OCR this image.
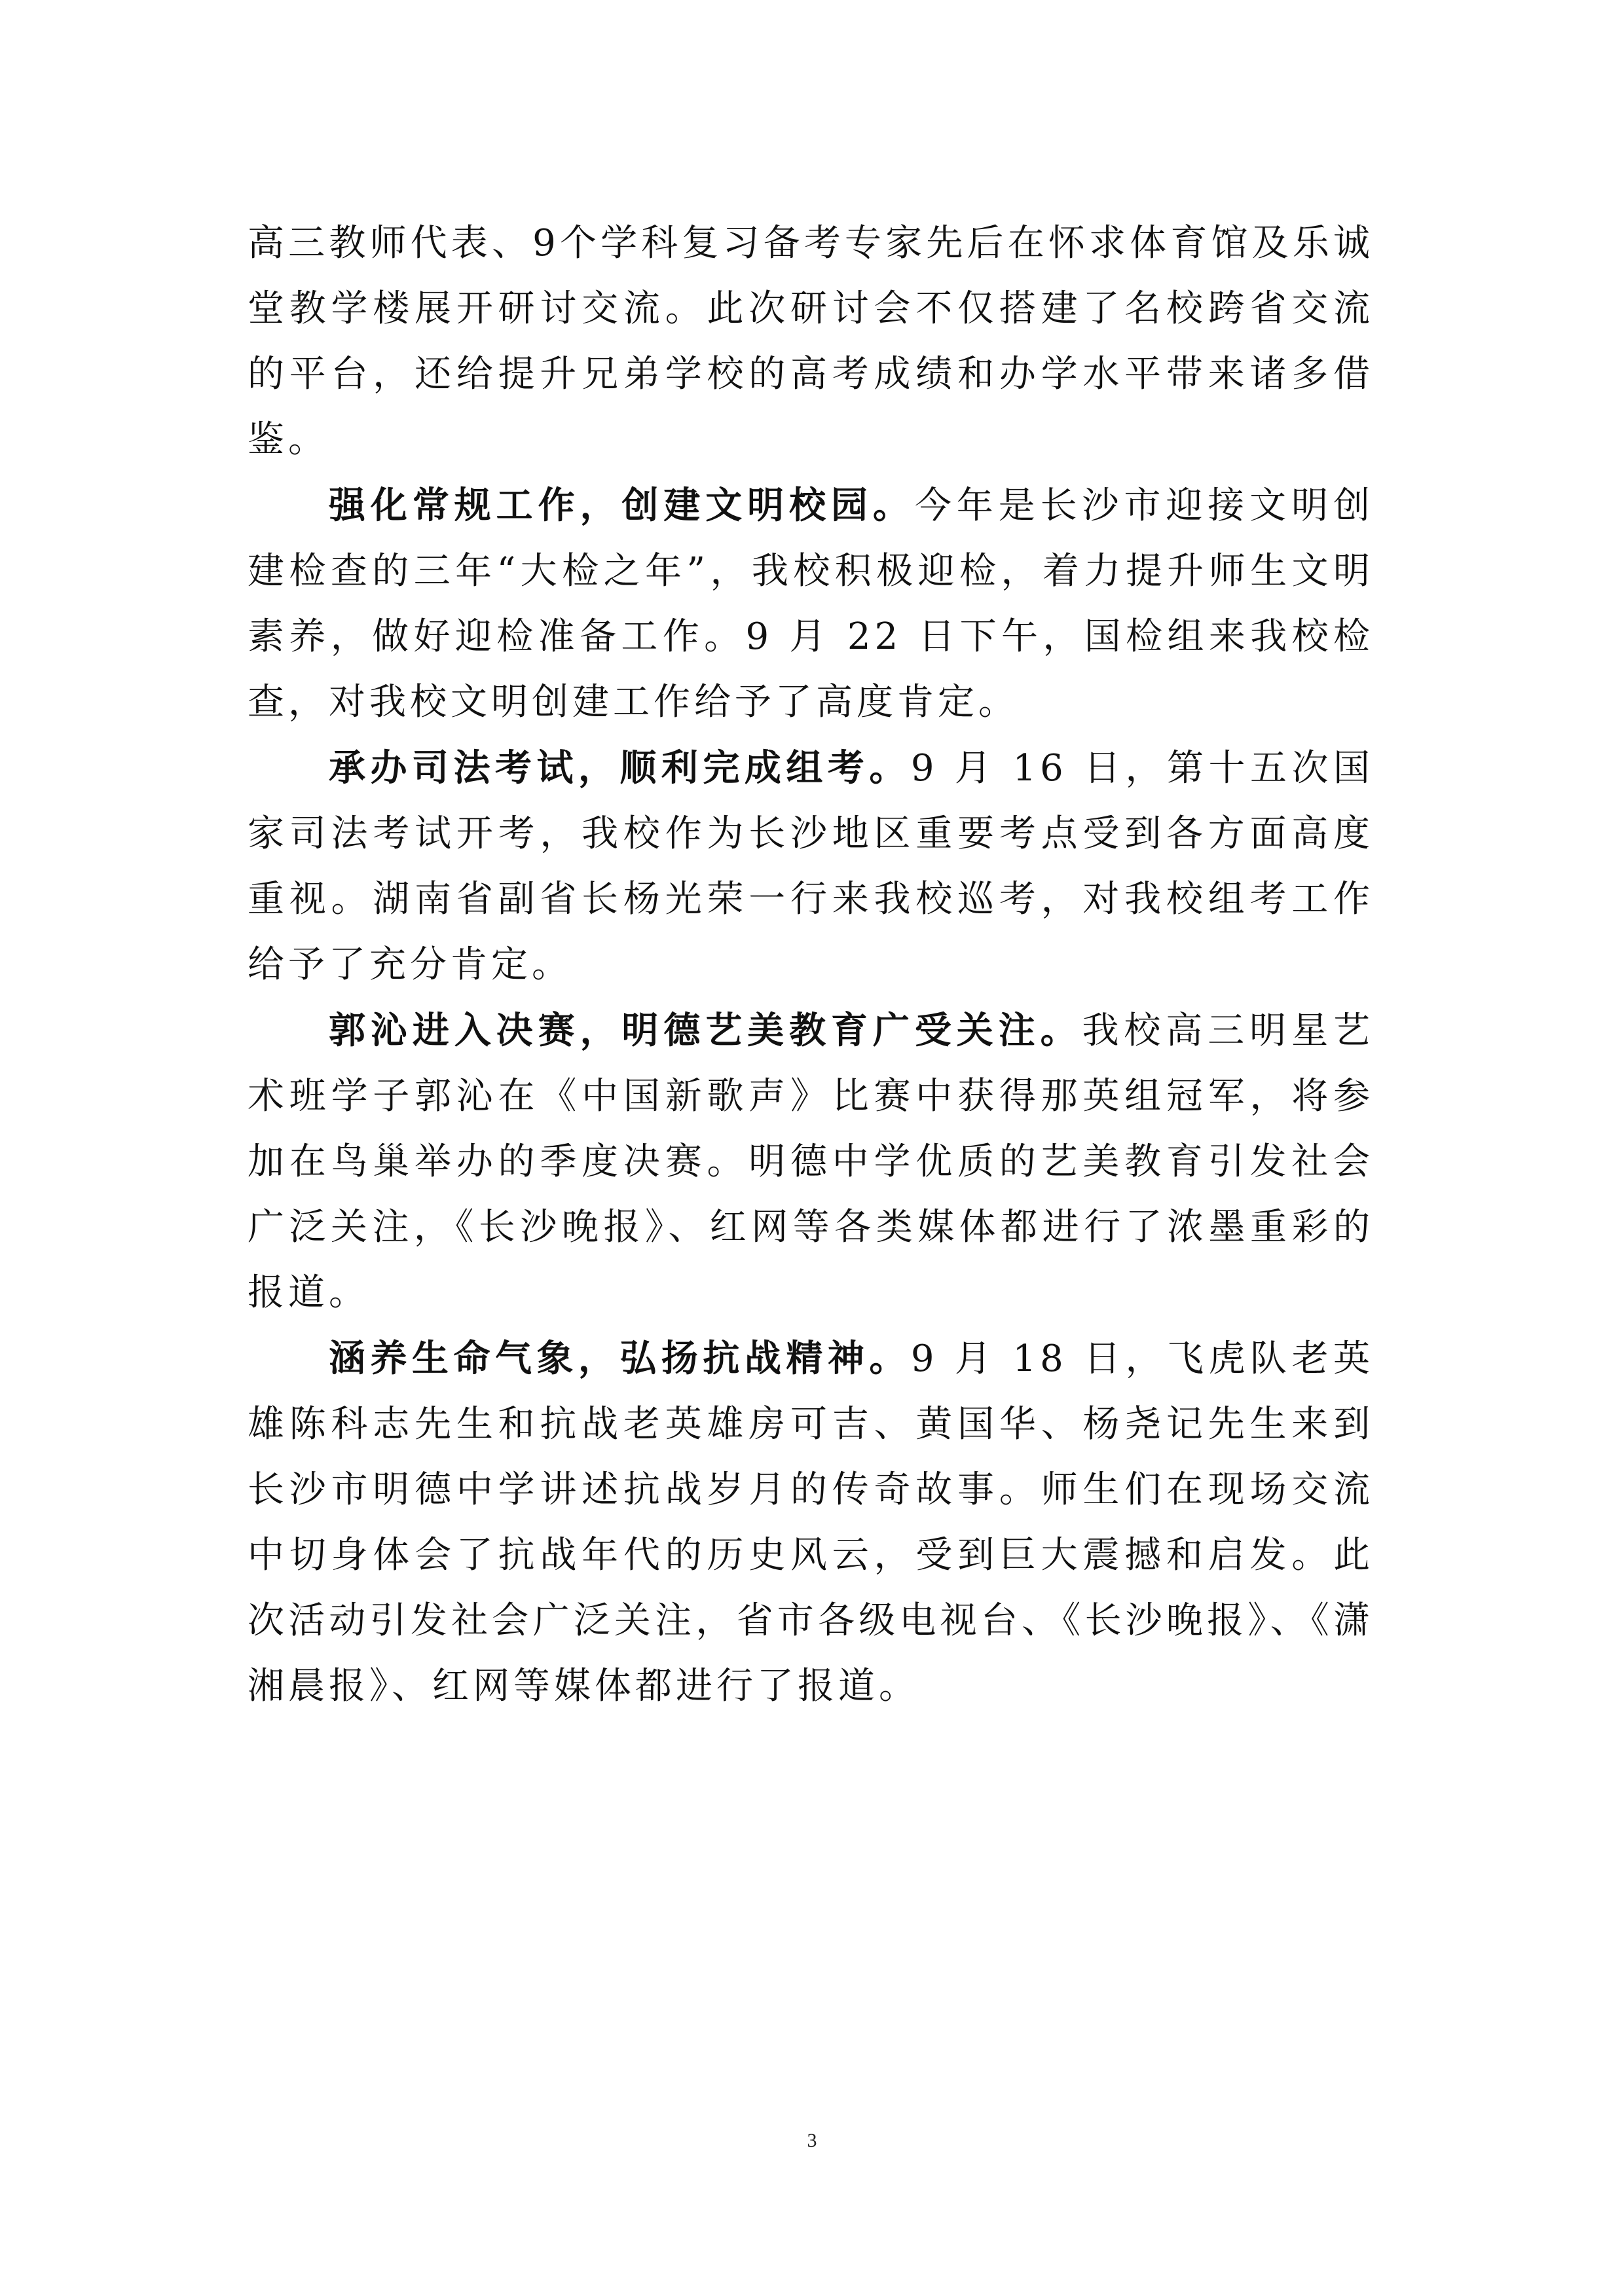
高三教师代表、9个学科复习备考专家先后在怀求体育馆及乐诚堂教学楼展开研讨交流。此次研讨会不仅搭建了名校跨省交流的平台，还给提升兄弟学校的高考成绩和办学水平带来诸多借鉴。

强化常规工作，创建文明校园。今年是长沙市迎接文明创建检查的三年“大检之年”，我校积极迎检，着力提升师生文明素养，做好迎检准备工作。9 月 22 日下午，国检组来我校检查，对我校文明创建工作给予了高度肯定。

承办司法考试，顺利完成组考。9 月 16 日，第十五次国家司法考试开考，我校作为长沙地区重要考点受到各方面高度重视。湖南省副省长杨光荣一行来我校巡考，对我校组考工作给予了充分肯定。

郭沁进入决赛，明德艺美教育广受关注。我校高三明星艺术班学子郭沁在《中国新歌声》比赛中获得那英组冠军，将参加在鸟巢举办的季度决赛。明德中学优质的艺美教育引发社会广泛关注，《长沙晚报》、红网等各类媒体都进行了浓墨重彩的报道。

涵养生命气象，弘扬抗战精神。9 月 18 日，飞虎队老英雄陈科志先生和抗战老英雄房可吉、黄国华、杨尧记先生来到长沙市明德中学讲述抗战岁月的传奇故事。师生们在现场交流中切身体会了抗战年代的历史风云，受到巨大震撼和启发。此次活动引发社会广泛关注，省市各级电视台、《长沙晚报》、《潇湘晨报》、红网等媒体都进行了报道。

3
